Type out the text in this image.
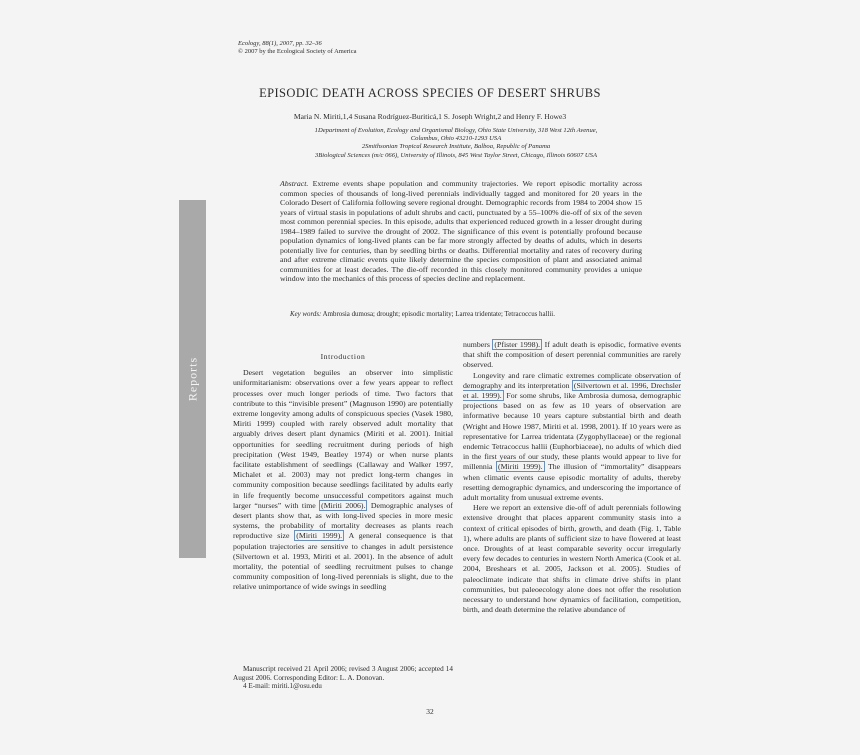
Ecology, 88(1), 2007, pp. 32–36
© 2007 by the Ecological Society of America
EPISODIC DEATH ACROSS SPECIES OF DESERT SHRUBS
Maria N. Miriti,1,4 Susana Rodríguez-Buriticá,1 S. Joseph Wright,2 and Henry F. Howe3
1Department of Evolution, Ecology and Organismal Biology, Ohio State University, 318 West 12th Avenue,
Columbus, Ohio 43210-1293 USA
2Smithsonian Tropical Research Institute, Balboa, Republic of Panama
3Biological Sciences (m/c 066), University of Illinois, 845 West Taylor Street, Chicago, Illinois 60607 USA
Abstract. Extreme events shape population and community trajectories. We report episodic mortality across common species of thousands of long-lived perennials individually tagged and monitored for 20 years in the Colorado Desert of California following severe regional drought. Demographic records from 1984 to 2004 show 15 years of virtual stasis in populations of adult shrubs and cacti, punctuated by a 55–100% die-off of six of the seven most common perennial species. In this episode, adults that experienced reduced growth in a lesser drought during 1984–1989 failed to survive the drought of 2002. The significance of this event is potentially profound because population dynamics of long-lived plants can be far more strongly affected by deaths of adults, which in deserts potentially live for centuries, than by seedling births or deaths. Differential mortality and rates of recovery during and after extreme climatic events quite likely determine the species composition of plant and associated animal communities for at least decades. The die-off recorded in this closely monitored community provides a unique window into the mechanics of this process of species decline and replacement.
Key words: Ambrosia dumosa; drought; episodic mortality; Larrea tridentate; Tetracoccus hallii.
Reports

Introduction

Desert vegetation beguiles an observer into simplistic uniformitarianism: observations over a few years appear to reflect processes over much longer periods of time. Two factors that contribute to this “invisible present” (Magnuson 1990) are potentially extreme longevity among adults of conspicuous species (Vasek 1980, Miriti 1999) coupled with rarely observed adult mortality that arguably drives desert plant dynamics (Miriti et al. 2001). Initial opportunities for seedling recruitment during periods of high precipitation (West 1949, Beatley 1974) or when nurse plants facilitate establishment of seedlings (Callaway and Walker 1997, Michalet et al. 2003) may not predict long-term changes in community composition because seedlings facilitated by adults early in life frequently become unsuccessful competitors against much larger “nurses” with time (Miriti 2006). Demographic analyses of desert plants show that, as with long-lived species in more mesic systems, the probability of mortality decreases as plants reach reproductive size (Miriti 1999). A general consequence is that population trajectories are sensitive to changes in adult persistence (Silvertown et al. 1993, Miriti et al. 2001). In the absence of adult mortality, the potential of seedling recruitment pulses to change community composition of long-lived perennials is slight, due to the relative unimportance of wide swings in seedling

numbers (Pfister 1998). If adult death is episodic, formative events that shift the composition of desert perennial communities are rarely observed.

Longevity and rare climatic extremes complicate observation of demography and its interpretation (Silvertown et al. 1996, Drechsler et al. 1999). For some shrubs, like Ambrosia dumosa, demographic projections based on as few as 10 years of observation are informative because 10 years capture substantial birth and death (Wright and Howe 1987, Miriti et al. 1998, 2001). If 10 years were as representative for Larrea tridentata (Zygophyllaceae) or the regional endemic Tetracoccus hallii (Euphorbiaceae), no adults of which died in the first years of our study, these plants would appear to live for millennia (Miriti 1999). The illusion of “immortality” disappears when climatic events cause episodic mortality of adults, thereby resetting demographic dynamics, and underscoring the importance of adult mortality from unusual extreme events.

Here we report an extensive die-off of adult perennials following extensive drought that places apparent community stasis into a context of critical episodes of birth, growth, and death (Fig. 1, Table 1), where adults are plants of sufficient size to have flowered at least once. Droughts of at least comparable severity occur irregularly every few decades to centuries in western North America (Cook et al. 2004, Breshears et al. 2005, Jackson et al. 2005). Studies of paleoclimate indicate that shifts in climate drive shifts in plant communities, but paleoecology alone does not offer the resolution necessary to understand how dynamics of facilitation, competition, birth, and death determine the relative abundance of

Manuscript received 21 April 2006; revised 3 August 2006; accepted 14 August 2006. Corresponding Editor: L. A. Donovan.

4 E-mail: miriti.1@osu.edu

32
